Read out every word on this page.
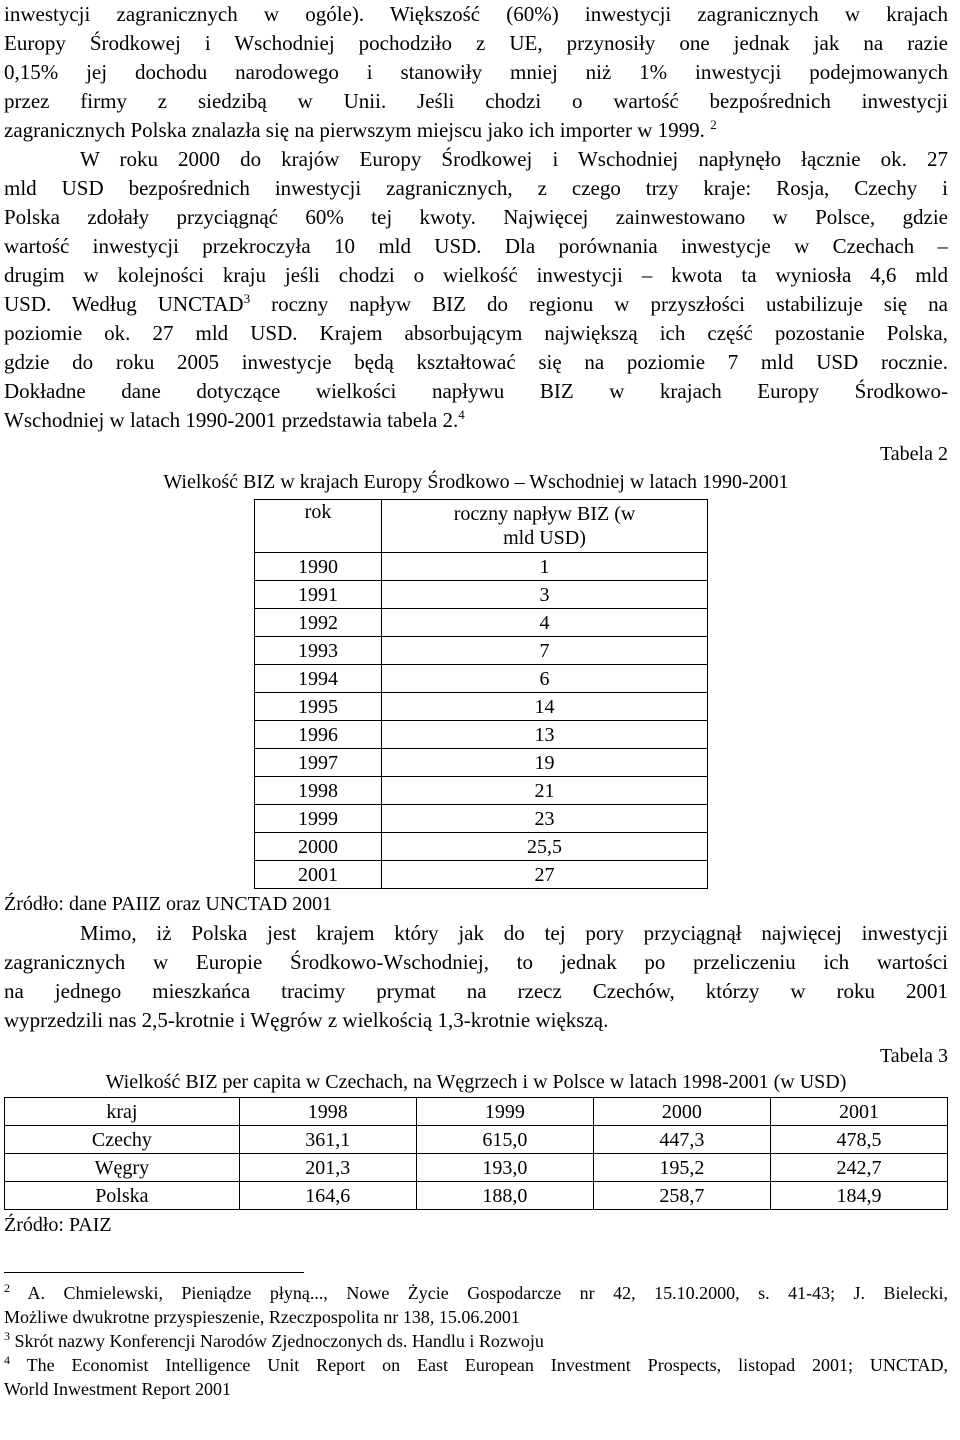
inwestycji zagranicznych w ogóle). Większość (60%) inwestycji zagranicznych w krajach
Europy Środkowej i Wschodniej pochodziło z UE, przynosiły one jednak jak na razie
0,15% jej dochodu narodowego i stanowiły mniej niż 1% inwestycji podejmowanych
przez firmy z siedzibą w Unii. Jeśli chodzi o wartość bezpośrednich inwestycji
zagranicznych Polska znalazła się na pierwszym miejscu jako ich importer w 1999. $^2$
W roku 2000 do krajów Europy Środkowej i Wschodniej napłynęło łącznie ok. 27
mld USD bezpośrednich inwestycji zagranicznych, z czego trzy kraje: Rosja, Czechy i
Polska zdołały przyciągnąć 60% tej kwoty. Najwięcej zainwestowano w Polsce, gdzie
wartość inwestycji przekroczyła 10 mld USD. Dla porównania inwestycje w Czechach –
drugim w kolejności kraju jeśli chodzi o wielkość inwestycji – kwota ta wyniosła 4,6 mld
USD. Według UNCTAD$^3$ roczny napływ BIZ do regionu w przyszłości ustabilizuje się na
poziomie ok. 27 mld USD. Krajem absorbującym największą ich część pozostanie Polska,
gdzie do roku 2005 inwestycje będą kształtować się na poziomie 7 mld USD rocznie.
Dokładne dane dotyczące wielkości napływu BIZ w krajach Europy Środkowo-
Wschodniej w latach 1990-2001 przedstawia tabela 2.$^4$

Tabela 2

Wielkość BIZ w krajach Europy Środkowo – Wschodniej w latach 1990-2001

rok	roczny napływ BIZ (w mld USD)
1990	1
1991	3
1992	4
1993	7
1994	6
1995	14
1996	13
1997	19
1998	21
1999	23
2000	25,5
2001	27

Źródło: dane PAIIZ oraz UNCTAD 2001

Mimo, iż Polska jest krajem który jak do tej pory przyciągnął najwięcej inwestycji
zagranicznych w Europie Środkowo-Wschodniej, to jednak po przeliczeniu ich wartości
na jednego mieszkańca tracimy prymat na rzecz Czechów, którzy w roku 2001
wyprzedzili nas 2,5-krotnie i Węgrów z wielkością 1,3-krotnie większą.

Tabela 3

Wielkość BIZ per capita w Czechach, na Węgrzech i w Polsce w latach 1998-2001 (w USD)

kraj	1998	1999	2000	2001
Czechy	361,1	615,0	447,3	478,5
Węgry	201,3	193,0	195,2	242,7
Polska	164,6	188,0	258,7	184,9

Źródło: PAIZ

$^2$ A. Chmielewski, Pieniądze płyną..., Nowe Życie Gospodarcze nr 42, 15.10.2000, s. 41-43; J. Bielecki,
Możliwe dwukrotne przyspieszenie, Rzeczpospolita nr 138, 15.06.2001
$^3$ Skrót nazwy Konferencji Narodów Zjednoczonych ds. Handlu i Rozwoju
$^4$ The Economist Intelligence Unit Report on East European Investment Prospects, listopad 2001; UNCTAD,
World Inwestment Report 2001
